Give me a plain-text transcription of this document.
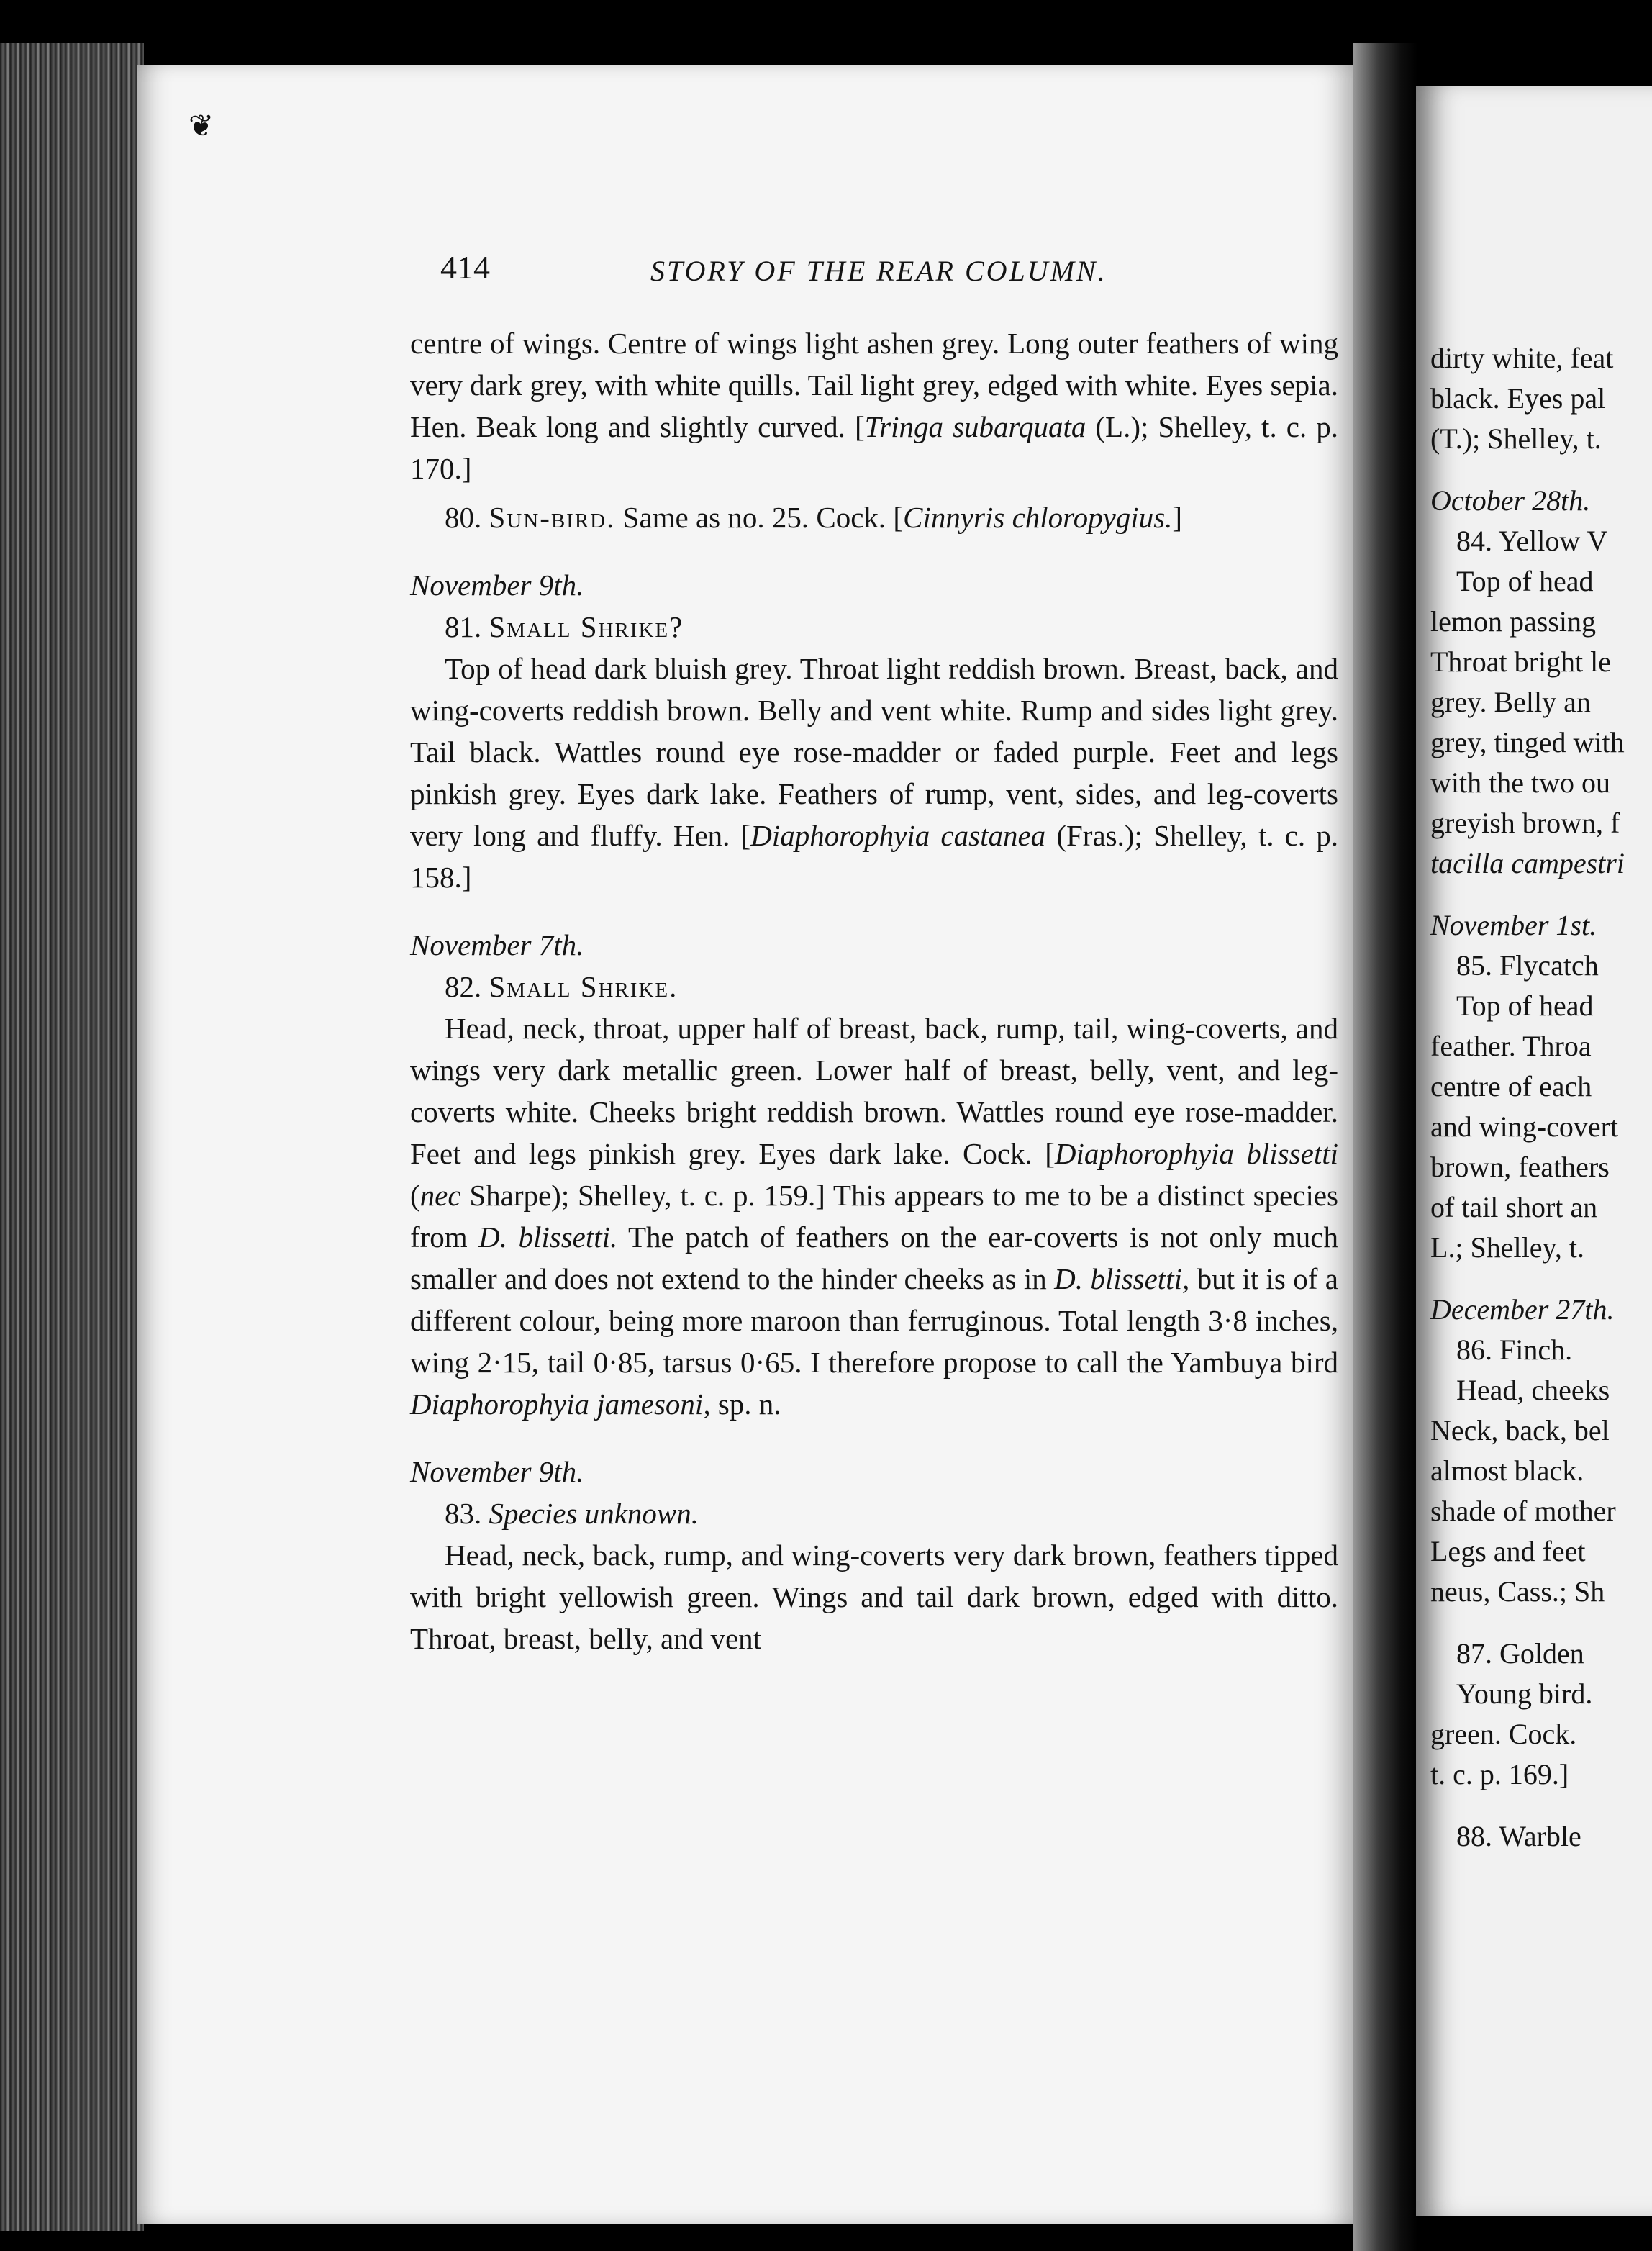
❦
414	STORY OF THE REAR COLUMN.

centre of wings. Centre of wings light ashen grey. Long outer feathers of wing very dark grey, with white quills. Tail light grey, edged with white. Eyes sepia. Hen. Beak long and slightly curved. [Tringa subarquata (L.); Shelley, t. c. p. 170.]

80. Sun-bird. Same as no. 25. Cock. [Cinnyris chloropygius.]

November 9th.

81. Small Shrike?

Top of head dark bluish grey. Throat light reddish brown. Breast, back, and wing-coverts reddish brown. Belly and vent white. Rump and sides light grey. Tail black. Wattles round eye rose-madder or faded purple. Feet and legs pinkish grey. Eyes dark lake. Feathers of rump, vent, sides, and leg-coverts very long and fluffy. Hen. [Diaphorophyia castanea (Fras.); Shelley, t. c. p. 158.]

November 7th.

82. Small Shrike.

Head, neck, throat, upper half of breast, back, rump, tail, wing-coverts, and wings very dark metallic green. Lower half of breast, belly, vent, and leg-coverts white. Cheeks bright reddish brown. Wattles round eye rose-madder. Feet and legs pinkish grey. Eyes dark lake. Cock. [Diaphorophyia blissetti (nec Sharpe); Shelley, t. c. p. 159.] This appears to me to be a distinct species from D. blissetti. The patch of feathers on the ear-coverts is not only much smaller and does not extend to the hinder cheeks as in D. blissetti, but it is of a different colour, being more maroon than ferruginous. Total length 3·8 inches, wing 2·15, tail 0·85, tarsus 0·65. I therefore propose to call the Yambuya bird Diaphorophyia jamesoni, sp. n.

November 9th.

83. Species unknown.

Head, neck, back, rump, and wing-coverts very dark brown, feathers tipped with bright yellowish green. Wings and tail dark brown, edged with ditto. Throat, breast, belly, and vent

dirty white, feat
black. Eyes pal
(T.); Shelley, t.
October 28th.
84. Yellow V
Top of head
lemon passing
Throat bright le
grey. Belly an
grey, tinged with
with the two ou
greyish brown, f
tacilla campestri
November 1st.
85. Flycatch
Top of head
feather. Throa
centre of each
and wing-covert
brown, feathers
of tail short an
L.; Shelley, t.
December 27th.
86. Finch.
Head, cheeks
Neck, back, bel
almost black.
shade of mother
Legs and feet
neus, Cass.; Sh
87. Golden
Young bird.
green. Cock.
t. c. p. 169.]
88. Warble
